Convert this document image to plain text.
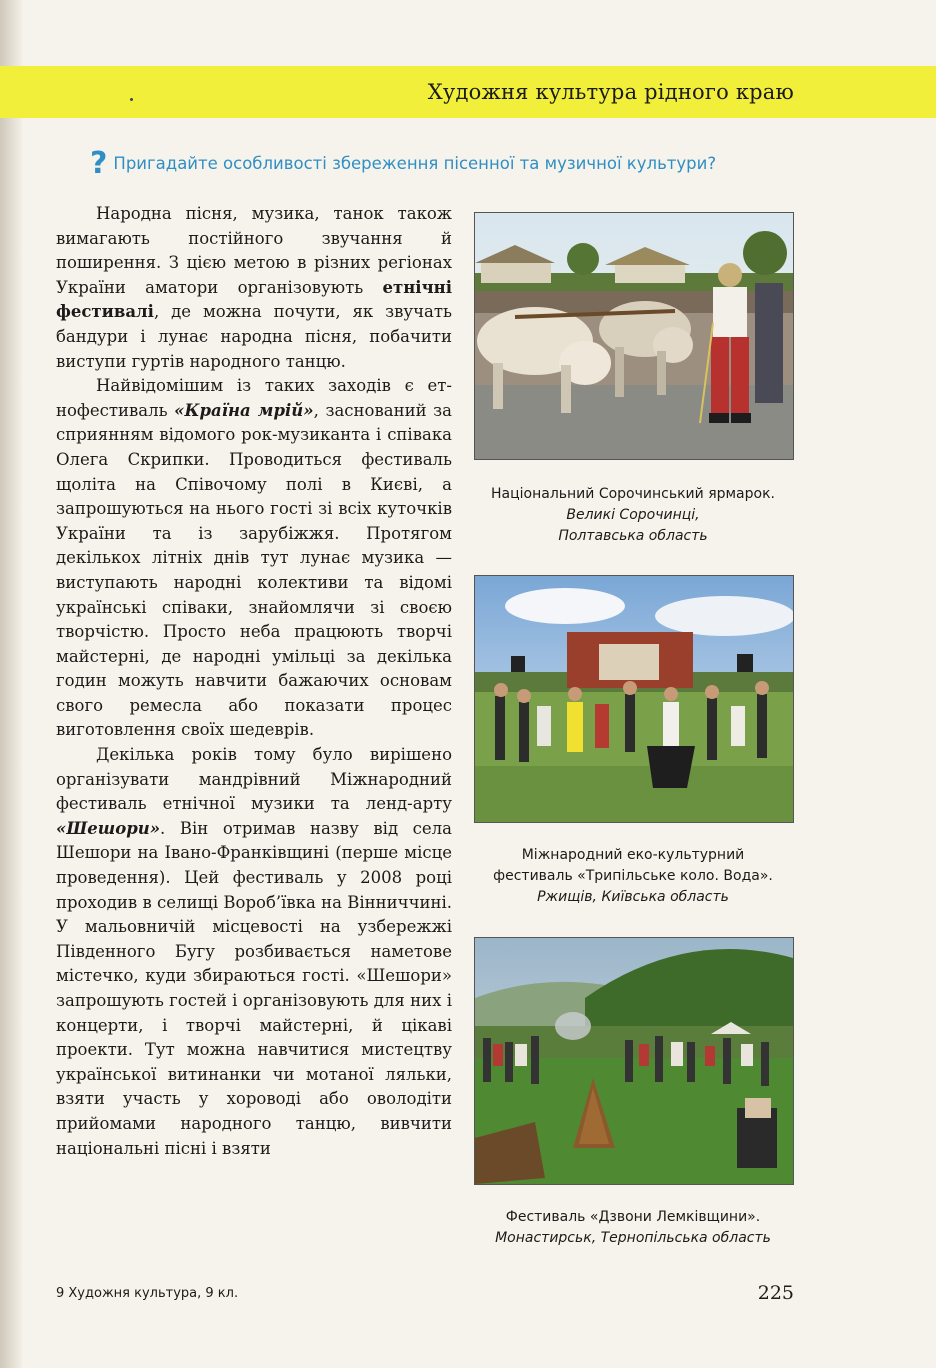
Художня культура рідного краю
? Пригадайте особливості збереження пісенної та музичної культури?

Народна пісня, музика, танок також вимагають постійного звучання й поширення. З цією метою в різних регіонах України аматори організовують етнічні фестивалі, де можна почути, як звучать бандури і лунає народна пісня, побачити виступи гуртів народного танцю.

Найвідомішим із таких заходів є етнофестиваль «Країна мрій», заснований за сприянням відомого рок-музиканта і співака Олега Скрипки. Проводиться фестиваль щоліта на Співочому полі в Києві, а запрошуються на нього гості зі всіх куточків України та із зарубіжжя. Протягом декількох літніх днів тут лунає музика — виступають народні колективи та відомі українські співаки, знайомлячи зі своєю творчістю. Просто неба працюють творчі майстерні, де народні умільці за декілька годин можуть навчити бажаючих основам свого ремесла або показати процес виготовлення своїх шедеврів.

Декілька років тому було вирішено організувати мандрівний Міжнародний фестиваль етнічної музики та ленд-арту «Шешори». Він отримав назву від села Шешори на Івано-Франківщині (перше місце проведення). Цей фестиваль у 2008 році проходив в селищі Вороб’ївка на Вінниччині. У мальовничій місцевості на узбережжі Південного Бугу розбивається наметове містечко, куди збираються гості. «Шешори» запрошують гостей і організовують для них і концерти, і творчі майстерні, й цікаві проекти. Тут можна навчитися мистецтву української витинанки чи мотаної ляльки, взяти участь у хороводі або оволодіти прийомами народного танцю, вивчити національні пісні і взяти

Національний Сорочинський ярмарок.
Великі Сорочинці,
Полтавська область
Міжнародний еко-культурний
фестиваль «Трипільське коло. Вода».
Ржищів, Київська область
Фестиваль «Дзвони Лемківщини».
Монастирськ, Тернопільська область
9 Художня культура, 9 кл.	225
